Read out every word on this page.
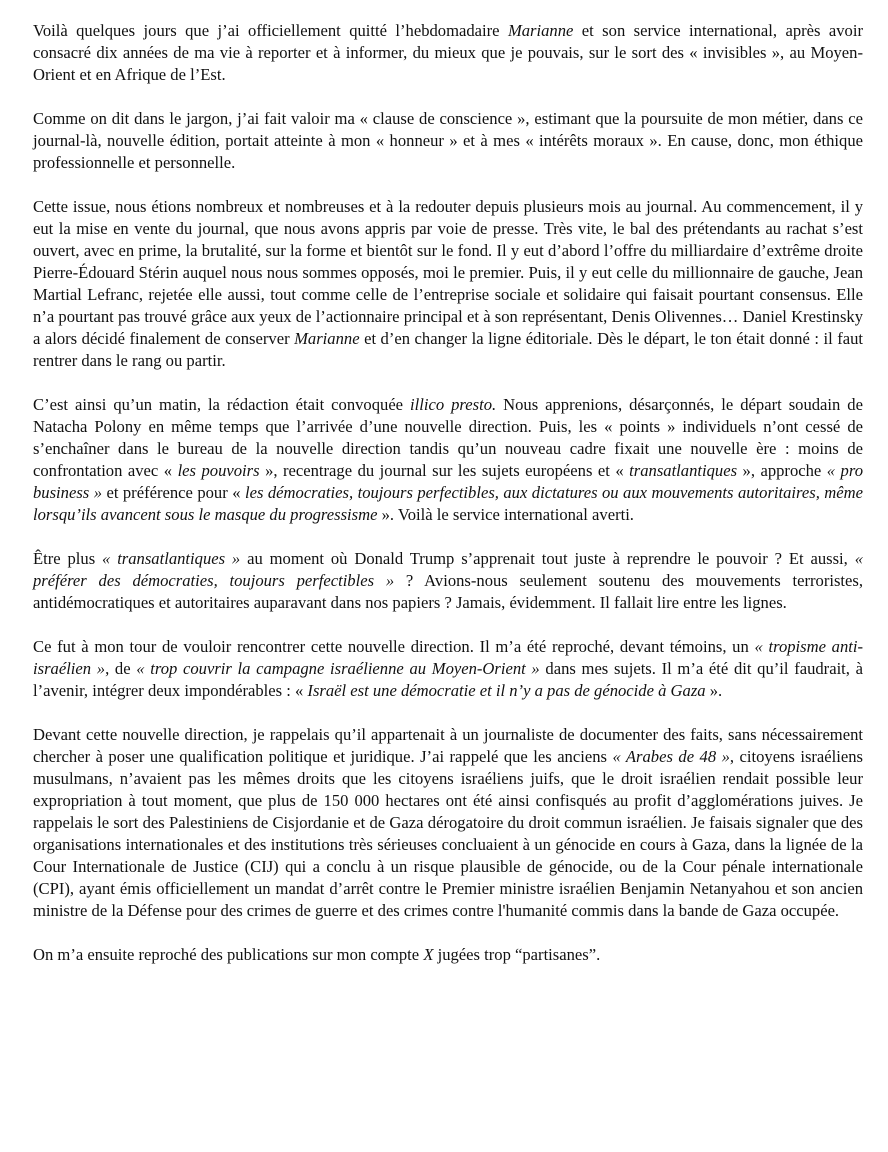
Voilà quelques jours que j’ai officiellement quitté l’hebdomadaire Marianne et son service international, après avoir consacré dix années de ma vie à reporter et à informer, du mieux que je pouvais, sur le sort des « invisibles », au Moyen-Orient et en Afrique de l’Est.

Comme on dit dans le jargon, j’ai fait valoir ma « clause de conscience », estimant que la poursuite de mon métier, dans ce journal-là, nouvelle édition, portait atteinte à mon « honneur » et à mes « intérêts moraux ». En cause, donc, mon éthique professionnelle et personnelle.

Cette issue, nous étions nombreux et nombreuses et à la redouter depuis plusieurs mois au journal. Au commencement, il y eut la mise en vente du journal, que nous avons appris par voie de presse. Très vite, le bal des prétendants au rachat s’est ouvert, avec en prime, la brutalité, sur la forme et bientôt sur le fond. Il y eut d’abord l’offre du milliardaire d’extrême droite Pierre-Édouard Stérin auquel nous nous sommes opposés, moi le premier. Puis, il y eut celle du millionnaire de gauche, Jean Martial Lefranc, rejetée elle aussi, tout comme celle de l’entreprise sociale et solidaire qui faisait pourtant consensus. Elle n’a pourtant pas trouvé grâce aux yeux de l’actionnaire principal et à son représentant, Denis Olivennes… Daniel Krestinsky a alors décidé finalement de conserver Marianne et d’en changer la ligne éditoriale. Dès le départ, le ton était donné : il faut rentrer dans le rang ou partir.

C’est ainsi qu’un matin, la rédaction était convoquée illico presto. Nous apprenions, désarçonnés, le départ soudain de Natacha Polony en même temps que l’arrivée d’une nouvelle direction. Puis, les « points » individuels n’ont cessé de s’enchaîner dans le bureau de la nouvelle direction tandis qu’un nouveau cadre fixait une nouvelle ère : moins de confrontation avec « les pouvoirs », recentrage du journal sur les sujets européens et « transatlantiques », approche « pro business » et préférence pour « les démocraties, toujours perfectibles, aux dictatures ou aux mouvements autoritaires, même lorsqu’ils avancent sous le masque du progressisme ». Voilà le service international averti.

Être plus « transatlantiques » au moment où Donald Trump s’apprenait tout juste à reprendre le pouvoir ? Et aussi, « préférer des démocraties, toujours perfectibles » ? Avions-nous seulement soutenu des mouvements terroristes, antidémocratiques et autoritaires auparavant dans nos papiers ? Jamais, évidemment. Il fallait lire entre les lignes.

Ce fut à mon tour de vouloir rencontrer cette nouvelle direction. Il m’a été reproché, devant témoins, un « tropisme anti-israélien », de « trop couvrir la campagne israélienne au Moyen-Orient » dans mes sujets. Il m’a été dit qu’il faudrait, à l’avenir, intégrer deux impondérables : « Israël est une démocratie et il n’y a pas de génocide à Gaza ».

Devant cette nouvelle direction, je rappelais qu’il appartenait à un journaliste de documenter des faits, sans nécessairement chercher à poser une qualification politique et juridique. J’ai rappelé que les anciens « Arabes de 48 », citoyens israéliens musulmans, n’avaient pas les mêmes droits que les citoyens israéliens juifs, que le droit israélien rendait possible leur expropriation à tout moment, que plus de 150 000 hectares ont été ainsi confisqués au profit d’agglomérations juives. Je rappelais le sort des Palestiniens de Cisjordanie et de Gaza dérogatoire du droit commun israélien. Je faisais signaler que des organisations internationales et des institutions très sérieuses concluaient à un génocide en cours à Gaza, dans la lignée de la Cour Internationale de Justice (CIJ) qui a conclu à un risque plausible de génocide, ou de la Cour pénale internationale (CPI), ayant émis officiellement un mandat d’arrêt contre le Premier ministre israélien Benjamin Netanyahou et son ancien ministre de la Défense pour des crimes de guerre et des crimes contre l'humanité commis dans la bande de Gaza occupée.

On m’a ensuite reproché des publications sur mon compte X jugées trop “partisanes”.
